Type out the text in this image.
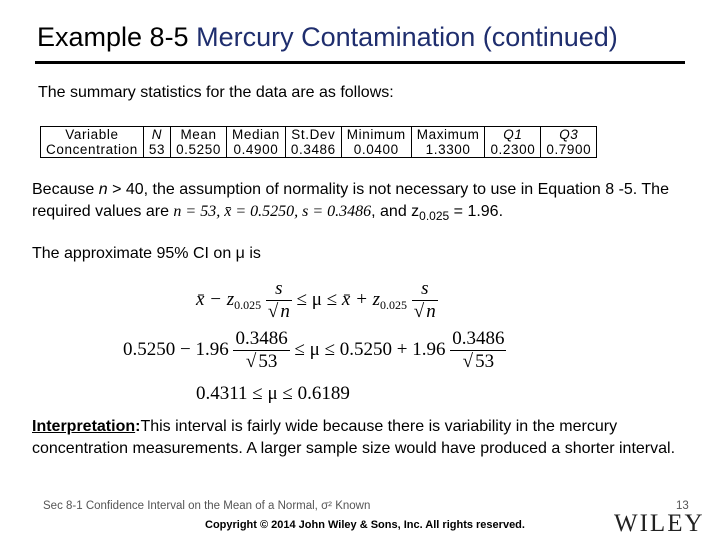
Example 8-5 Mercury Contamination (continued)
The summary statistics for the data are as follows:
Variable	N	Mean	Median	St.Dev	Minimum	Maximum	Q1	Q3
Concentration	53	0.5250	0.4900	0.3486	0.0400	1.3300	0.2300	0.7900
Because n > 40, the assumption of normality is not necessary to use in Equation 8 -5. The required values are n = 53, x̄ = 0.5250, s = 0.3486, and $z_{0.025} = 1.96$.
The approximate 95% CI on μ is
x̄ − $z_{0.025} \frac{s}{√ n} \le \mu$ ≤ x̄ + $z_{0.025} \frac{s}{√ n}$
$0.5250 - 1.96 \frac{0.3486}{√ 53} \le \mu \le 0.5250 + 1.96 \frac{0.3486}{√ 53}$
0.4311 ≤ μ ≤ 0.6189
Interpretation:This interval is fairly wide because there is variability in the mercury concentration measurements. A larger sample size would have produced a shorter interval.
Sec 8-1 Confidence Interval on the Mean of a Normal, σ² Known	13
Copyright © 2014 John Wiley & Sons, Inc. All rights reserved.	WILEY
